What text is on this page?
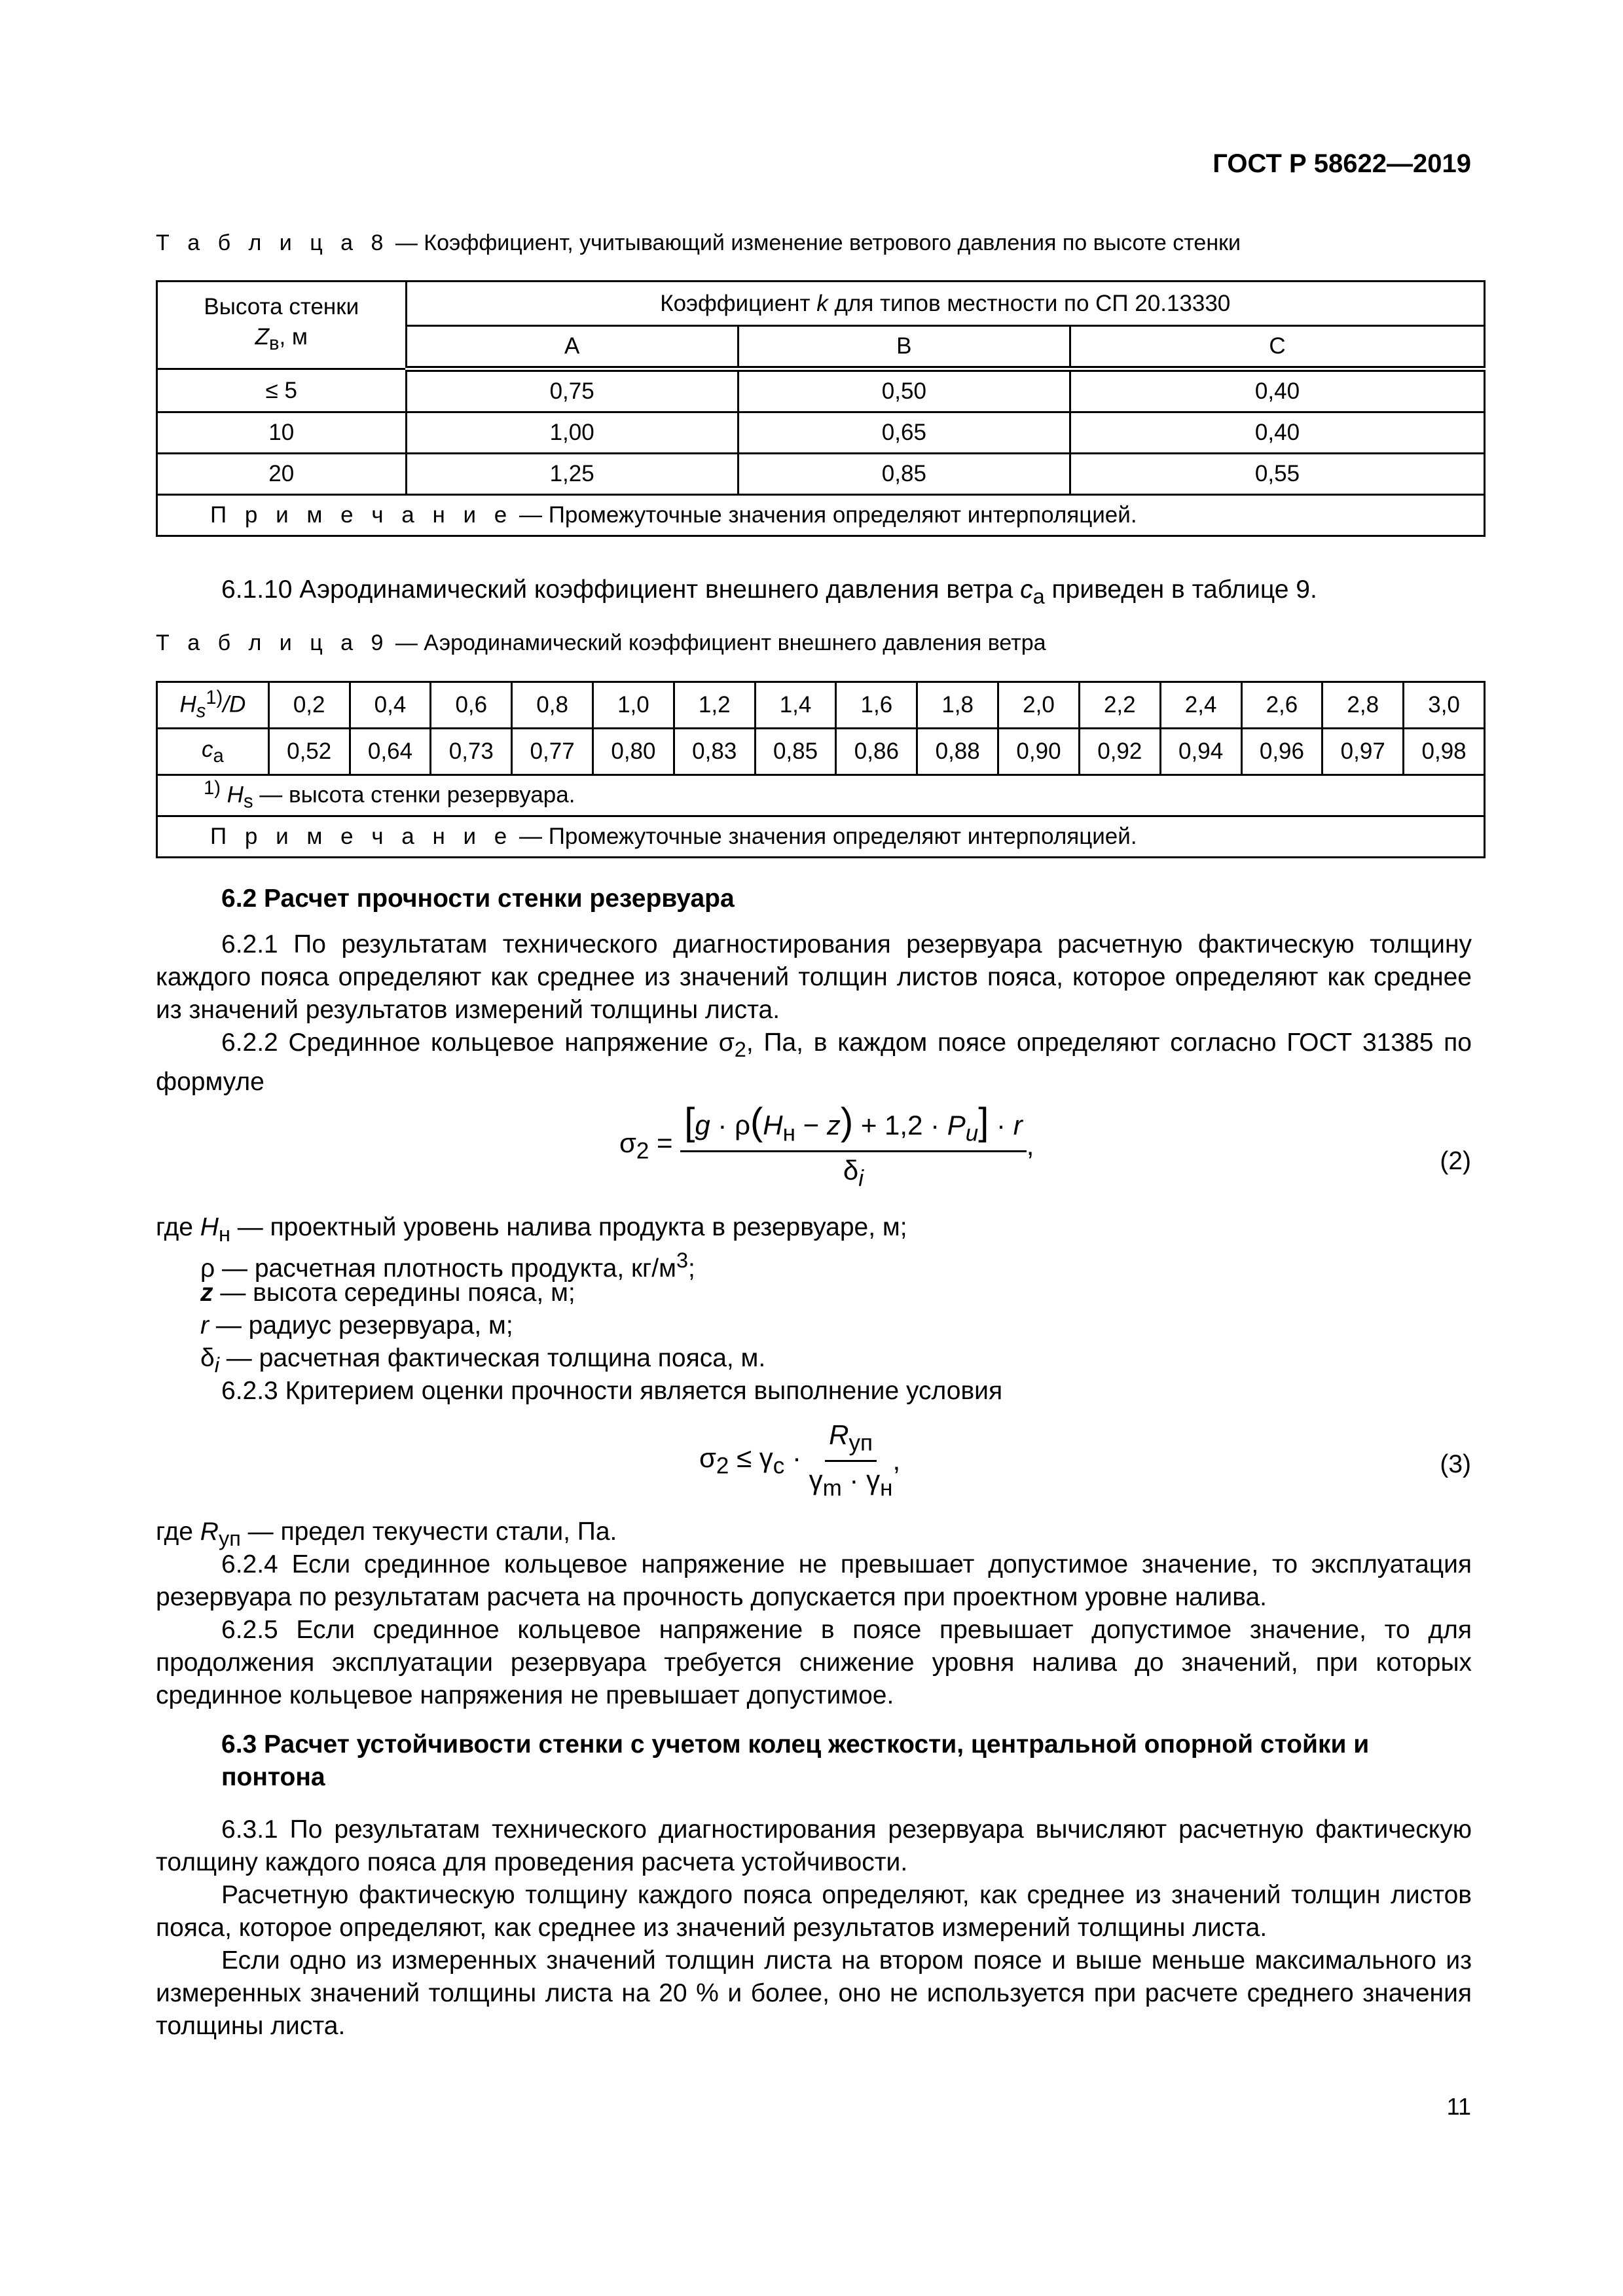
ГОСТ Р 58622—2019
Т а б л и ц а 8 — Коэффициент, учитывающий изменение ветрового давления по высоте стенки
Высота стенки
$Z_в$, м	Коэффициент k для типов местности по СП 20.13330		
	A	B	C
≤ 5	0,75	0,50	0,40
10	1,00	0,65	0,40
20	1,25	0,85	0,55
П р и м е ч а н и е — Промежуточные значения определяют интерполяцией.			
6.1.10 Аэродинамический коэффициент внешнего давления ветра $c_a$ приведен в таблице 9.
Т а б л и ц а 9 — Аэродинамический коэффициент внешнего давления ветра
$H_s^{1)}/D$	0,2	0,4	0,6	0,8	1,0	1,2	1,4	1,6	1,8	2,0	2,2	2,4	2,6	2,8	3,0
$c_a$	0,52	0,64	0,73	0,77	0,80	0,83	0,85	0,86	0,88	0,90	0,92	0,94	0,96	0,97	0,98
$^{1)}$ $H_s$ — высота стенки резервуара.															
П р и м е ч а н и е — Промежуточные значения определяют интерполяцией.															
6.2 Расчет прочности стенки резервуара
6.2.1 По результатам технического диагностирования резервуара расчетную фактическую толщину каждого пояса определяют как среднее из значений толщин листов пояса, которое определяют как среднее из значений результатов измерений толщины листа.
6.2.2 Срединное кольцевое напряжение $\sigma_2$, Па, в каждом поясе определяют согласно ГОСТ 31385 по формуле
$\sigma_2 = \frac{[g \cdot \rho(H_н - z) + 1,2 \cdot P_u] \cdot r}{\delta_i}$ ,
(2)
где $H_н$ — проектный уровень налива продукта в резервуаре, м;
ρ — расчетная плотность продукта, $кг/м^3$;
z — высота середины пояса, м;
r — радиус резервуара, м;
$\delta_i$ — расчетная фактическая толщина пояса, м.
6.2.3 Критерием оценки прочности является выполнение условия
$\sigma_2 \le \gamma_c \cdot \frac{R_{уп}}{\gamma_m \cdot \gamma_н}$ ,	(3)
где $R_{уп}$ — предел текучести стали, Па.
6.2.4 Если срединное кольцевое напряжение не превышает допустимое значение, то эксплуатация резервуара по результатам расчета на прочность допускается при проектном уровне налива.
6.2.5 Если срединное кольцевое напряжение в поясе превышает допустимое значение, то для продолжения эксплуатации резервуара требуется снижение уровня налива до значений, при которых срединное кольцевое напряжения не превышает допустимое.
6.3 Расчет устойчивости стенки с учетом колец жесткости, центральной опорной стойки и понтона
6.3.1 По результатам технического диагностирования резервуара вычисляют расчетную фактическую толщину каждого пояса для проведения расчета устойчивости.
Расчетную фактическую толщину каждого пояса определяют, как среднее из значений толщин листов пояса, которое определяют, как среднее из значений результатов измерений толщины листа.
Если одно из измеренных значений толщин листа на втором поясе и выше меньше максимального из измеренных значений толщины листа на 20 % и более, оно не используется при расчете среднего значения толщины листа.
11
